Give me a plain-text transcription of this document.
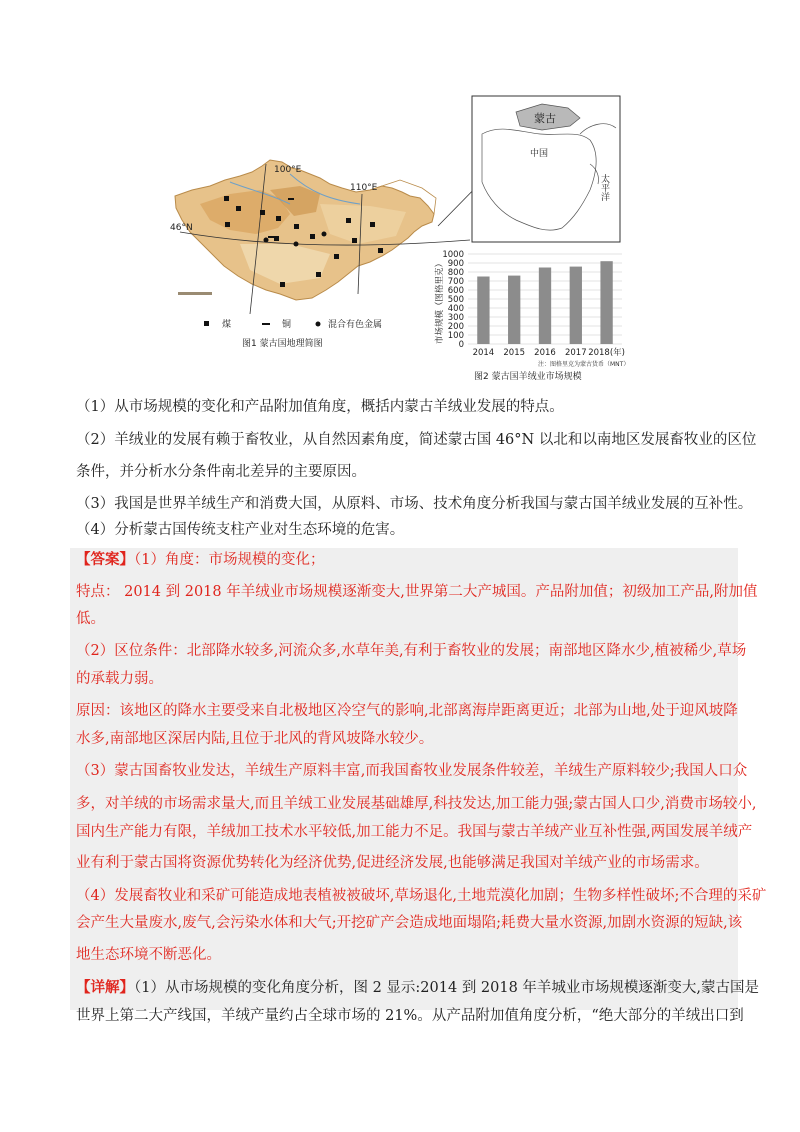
100°E
110°E
46°N
煤	铜	混合有色金属
图1 蒙古国地理简图
蒙古
中国
太平洋
市场规模（图格里克）
0
100
200
300
400
500
600
700
800
900
1000
2014 2015 2016 2017 2018(年)
注：图格里克为蒙古货币（MNT）
图2 蒙古国羊绒业市场规模
（1）从市场规模的变化和产品附加值角度，概括内蒙古羊绒业发展的特点。
（2）羊绒业的发展有赖于畜牧业，从自然因素角度，简述蒙古国 46°N 以北和以南地区发展畜牧业的区位
条件，并分析水分条件南北差异的主要原因。
（3）我国是世界羊绒生产和消费大国，从原料、市场、技术角度分析我国与蒙古国羊绒业发展的互补性。
（4）分析蒙古国传统支柱产业对生态环境的危害。
【答案】（1）角度：市场规模的变化；
特点： 2014 到 2018 年羊绒业市场规模逐渐变大,世界第二大产城国。产品附加值；初级加工产品,附加值
低。
（2）区位条件：北部降水较多,河流众多,水草年美,有利于畜牧业的发展；南部地区降水少,植被稀少,草场
的承载力弱。
原因：该地区的降水主要受来自北极地区冷空气的影响,北部离海岸距离更近；北部为山地,处于迎风坡降
水多,南部地区深居内陆,且位于北风的背风坡降水较少。
（3）蒙古国畜牧业发达，羊绒生产原料丰富,而我国畜牧业发展条件较差，羊绒生产原料较少;我国人口众
多，对羊绒的市场需求量大,而且羊绒工业发展基础雄厚,科技发达,加工能力强;蒙古国人口少,消费市场较小,
国内生产能力有限，羊绒加工技术水平较低,加工能力不足。我国与蒙古羊绒产业互补性强,两国发展羊绒产
业有利于蒙古国将资源优势转化为经济优势,促进经济发展,也能够满足我国对羊绒产业的市场需求。
（4）发展畜牧业和采矿可能造成地表植被被破坏,草场退化,土地荒漠化加剧；生物多样性破坏;不合理的采矿
会产生大量废水,废气,会污染水体和大气;开挖矿产会造成地面塌陷;耗费大量水资源,加剧水资源的短缺,该
地生态环境不断恶化。
【详解】（1）从市场规模的变化角度分析，图 2 显示:2014 到 2018 年羊城业市场规模逐渐变大,蒙古国是
世界上第二大产线国，羊绒产量约占全球市场的 21%。从产品附加值角度分析，“绝大部分的羊绒出口到
